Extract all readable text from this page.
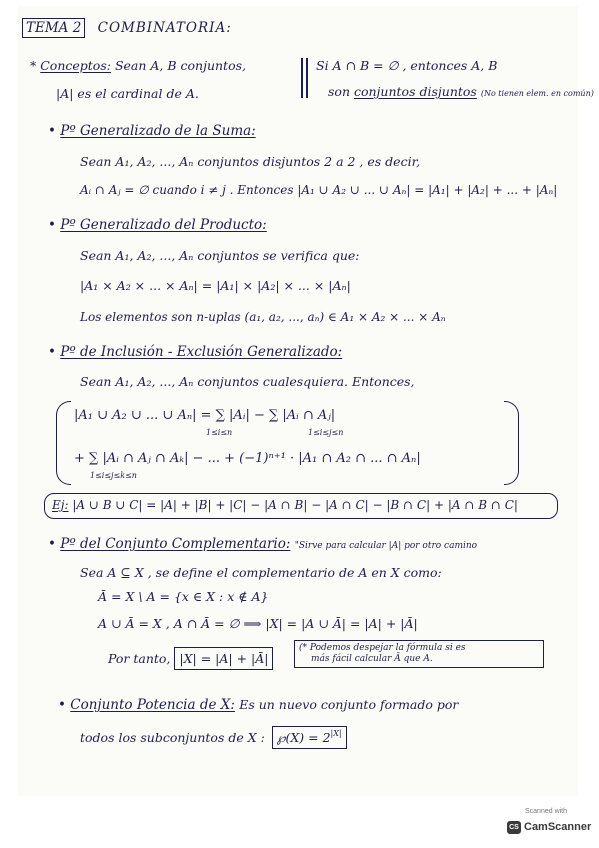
TEMA 2 COMBINATORIA:
* Conceptos: Sean A, B conjuntos,
|A| es el cardinal de A.
Si A ∩ B = ∅ , entonces A, B
son conjuntos disjuntos (No tienen elem. en común)
• Pº Generalizado de la Suma:
Sean A₁, A₂, ..., Aₙ conjuntos disjuntos 2 a 2 , es decir,
Aᵢ ∩ Aⱼ = ∅ cuando i ≠ j . Entonces |A₁ ∪ A₂ ∪ ... ∪ Aₙ| = |A₁| + |A₂| + ... + |Aₙ|
• Pº Generalizado del Producto:
Sean A₁, A₂, ..., Aₙ conjuntos se verifica que:
|A₁ × A₂ × ... × Aₙ| = |A₁| × |A₂| × ... × |Aₙ|
Los elementos son n-uplas (a₁, a₂, ..., aₙ) ∈ A₁ × A₂ × ... × Aₙ
• Pº de Inclusión - Exclusión Generalizado:
Sean A₁, A₂, ..., Aₙ conjuntos cualesquiera. Entonces,
|A₁ ∪ A₂ ∪ ... ∪ Aₙ| = ∑ |Aᵢ| − ∑ |Aᵢ ∩ Aⱼ|
1≤i≤n	1≤i≤j≤n
+ ∑ |Aᵢ ∩ Aⱼ ∩ Aₖ| − ... + (−1)ⁿ⁺¹ · |A₁ ∩ A₂ ∩ ... ∩ Aₙ|
1≤i≤j≤k≤n
Ej: |A ∪ B ∪ C| = |A| + |B| + |C| − |A ∩ B| − |A ∩ C| − |B ∩ C| + |A ∩ B ∩ C|
• Pº del Conjunto Complementario: "Sirve para calcular |A| por otro camino
Sea A ⊆ X , se define el complementario de A en X como:
Ā = X \ A = {x ∈ X : x ∉ A}
A ∪ Ā = X , A ∩ Ā = ∅ ⟹ |X| = |A ∪ Ā| = |A| + |Ā|
Por tanto, |X| = |A| + |Ā|
(* Podemos despejar la fórmula si es
más fácil calcular Ā que A.
• Conjunto Potencia de X: Es un nuevo conjunto formado por
todos los subconjuntos de X : ℘(X) = $2^{|X|}$
Scanned with
CS CamScanner
